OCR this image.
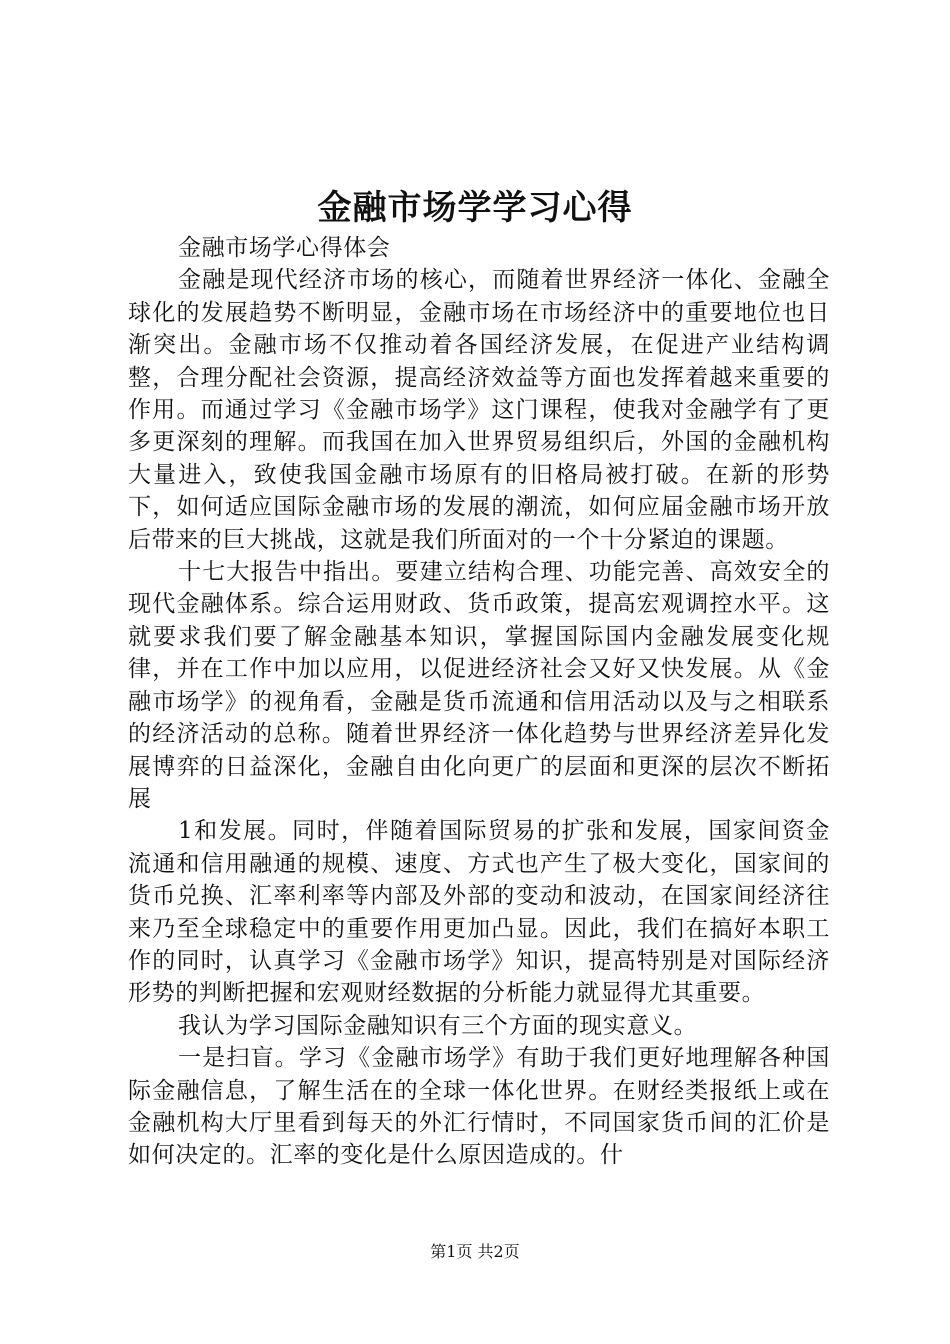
金融市场学学习心得

金融市场学心得体会

金融是现代经济市场的核心，而随着世界经济一体化、金融全球化的发展趋势不断明显，金融市场在市场经济中的重要地位也日渐突出。金融市场不仅推动着各国经济发展，在促进产业结构调整，合理分配社会资源，提高经济效益等方面也发挥着越来重要的作用。而通过学习《金融市场学》这门课程，使我对金融学有了更多更深刻的理解。而我国在加入世界贸易组织后，外国的金融机构大量进入，致使我国金融市场原有的旧格局被打破。在新的形势下，如何适应国际金融市场的发展的潮流，如何应届金融市场开放后带来的巨大挑战，这就是我们所面对的一个十分紧迫的课题。

十七大报告中指出。要建立结构合理、功能完善、高效安全的现代金融体系。综合运用财政、货币政策，提高宏观调控水平。这就要求我们要了解金融基本知识，掌握国际国内金融发展变化规律，并在工作中加以应用，以促进经济社会又好又快发展。从《金融市场学》的视角看，金融是货币流通和信用活动以及与之相联系的经济活动的总称。随着世界经济一体化趋势与世界经济差异化发展博弈的日益深化，金融自由化向更广的层面和更深的层次不断拓展

1和发展。同时，伴随着国际贸易的扩张和发展，国家间资金流通和信用融通的规模、速度、方式也产生了极大变化，国家间的货币兑换、汇率利率等内部及外部的变动和波动，在国家间经济往来乃至全球稳定中的重要作用更加凸显。因此，我们在搞好本职工作的同时，认真学习《金融市场学》知识，提高特别是对国际经济形势的判断把握和宏观财经数据的分析能力就显得尤其重要。

我认为学习国际金融知识有三个方面的现实意义。

一是扫盲。学习《金融市场学》有助于我们更好地理解各种国际金融信息，了解生活在的全球一体化世界。在财经类报纸上或在金融机构大厅里看到每天的外汇行情时，不同国家货币间的汇价是如何决定的。汇率的变化是什么原因造成的。什

第1页 共2页
